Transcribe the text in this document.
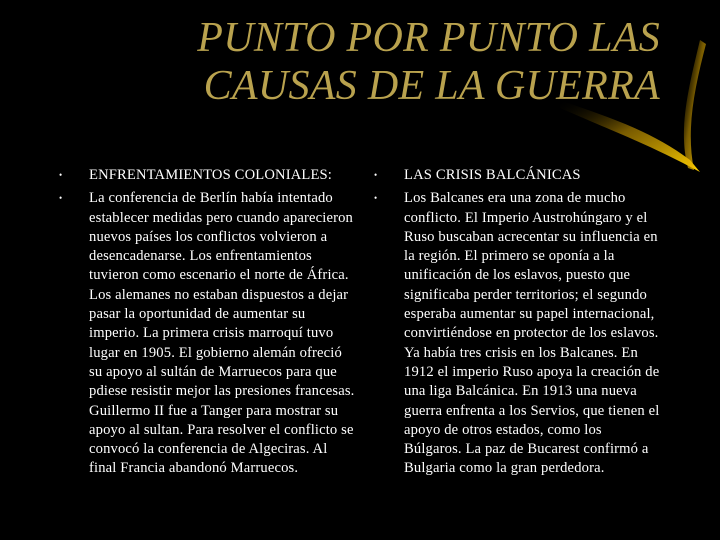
PUNTO POR PUNTO LAS
CAUSAS DE LA GUERRA
•	ENFRENTAMIENTOS COLONIALES:
•	La conferencia de Berlín había intentado establecer medidas pero cuando aparecieron nuevos países los conflictos volvieron a desencadenarse. Los enfrentamientos tuvieron como escenario el norte de África. Los alemanes no estaban dispuestos a dejar pasar la oportunidad de aumentar su imperio. La primera crisis marroquí tuvo lugar en 1905. El gobierno alemán ofreció su apoyo al sultán de Marruecos para que pdiese resistir mejor las presiones francesas. Guillermo II fue a Tanger para mostrar su apoyo al sultan. Para resolver el conflicto se convocó la conferencia de Algeciras. Al final Francia abandonó Marruecos.
•	LAS CRISIS BALCÁNICAS
•	Los Balcanes era una zona de mucho conflicto. El Imperio Austrohúngaro y el Ruso buscaban acrecentar su influencia en la región. El primero se oponía a la unificación de los eslavos, puesto que significaba perder territorios; el segundo esperaba aumentar su papel internacional, convirtiéndose en protector de los eslavos. Ya había tres crisis en los Balcanes. En 1912 el imperio Ruso apoya la creación de una liga Balcánica. En 1913 una nueva guerra enfrenta a los Servios, que tienen el apoyo de otros estados, como los Búlgaros. La paz de Bucarest confirmó a Bulgaria como la gran perdedora.
